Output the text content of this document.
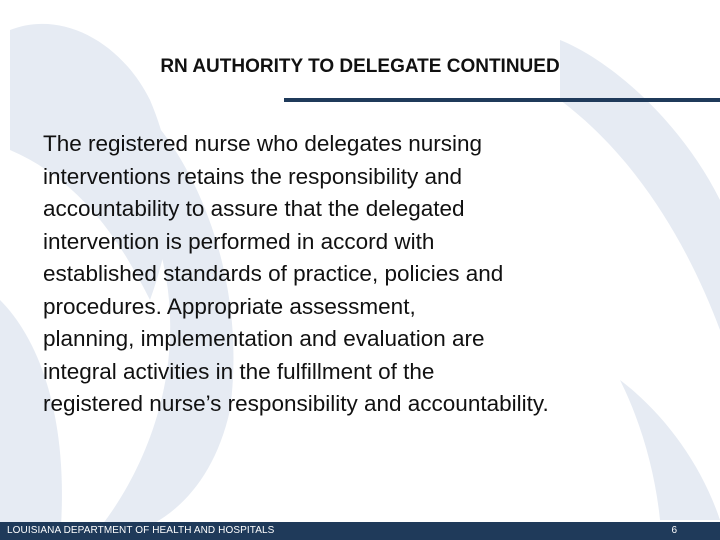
RN AUTHORITY TO DELEGATE CONTINUED

The registered nurse who delegates nursing
interventions retains the responsibility and
accountability to assure that the delegated
intervention is performed in accord with
established standards of practice, policies and
procedures. Appropriate assessment,
planning, implementation and evaluation are
integral activities in the fulfillment of the
registered nurse’s responsibility and accountability.

LOUISIANA DEPARTMENT OF HEALTH AND HOSPITALS	6
